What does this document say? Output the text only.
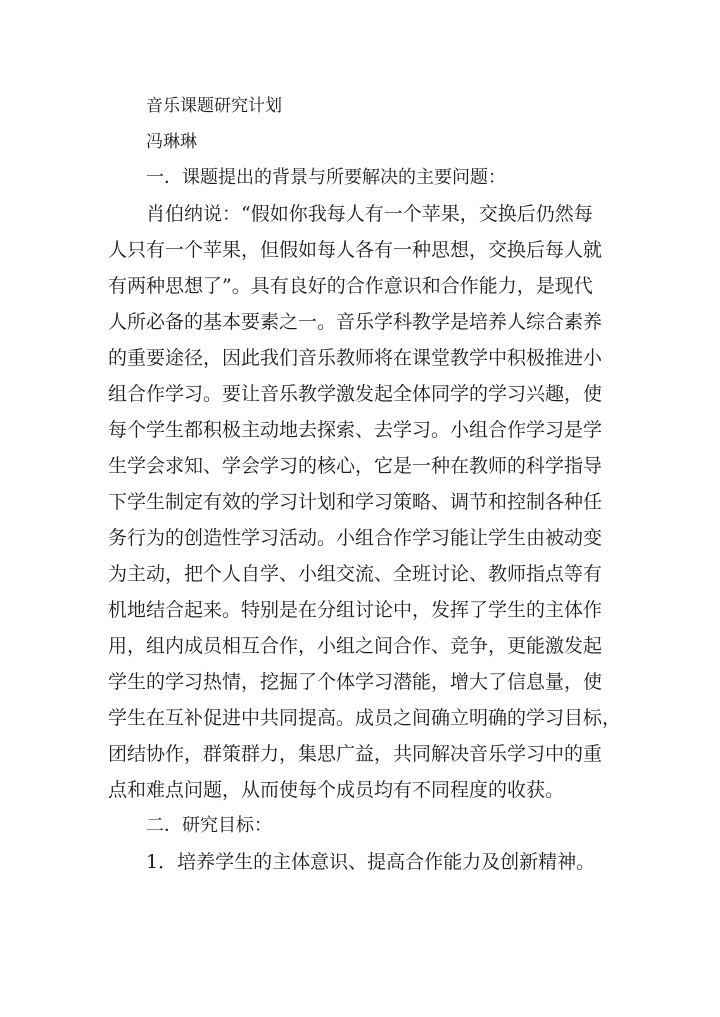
音乐课题研究计划

冯琳琳

一．课题提出的背景与所要解决的主要问题：

肖伯纳说：“假如你我每人有一个苹果，交换后仍然每

人只有一个苹果，但假如每人各有一种思想，交换后每人就

有两种思想了”。具有良好的合作意识和合作能力，是现代

人所必备的基本要素之一。音乐学科教学是培养人综合素养

的重要途径，因此我们音乐教师将在课堂教学中积极推进小

组合作学习。要让音乐教学激发起全体同学的学习兴趣，使

每个学生都积极主动地去探索、去学习。小组合作学习是学

生学会求知、学会学习的核心，它是一种在教师的科学指导

下学生制定有效的学习计划和学习策略、调节和控制各种任

务行为的创造性学习活动。小组合作学习能让学生由被动变

为主动，把个人自学、小组交流、全班讨论、教师指点等有

机地结合起来。特别是在分组讨论中，发挥了学生的主体作

用，组内成员相互合作，小组之间合作、竞争，更能激发起

学生的学习热情，挖掘了个体学习潜能，增大了信息量，使

学生在互补促进中共同提高。成员之间确立明确的学习目标，

团结协作，群策群力，集思广益，共同解决音乐学习中的重

点和难点问题，从而使每个成员均有不同程度的收获。

二．研究目标：

1．培养学生的主体意识、提高合作能力及创新精神。
